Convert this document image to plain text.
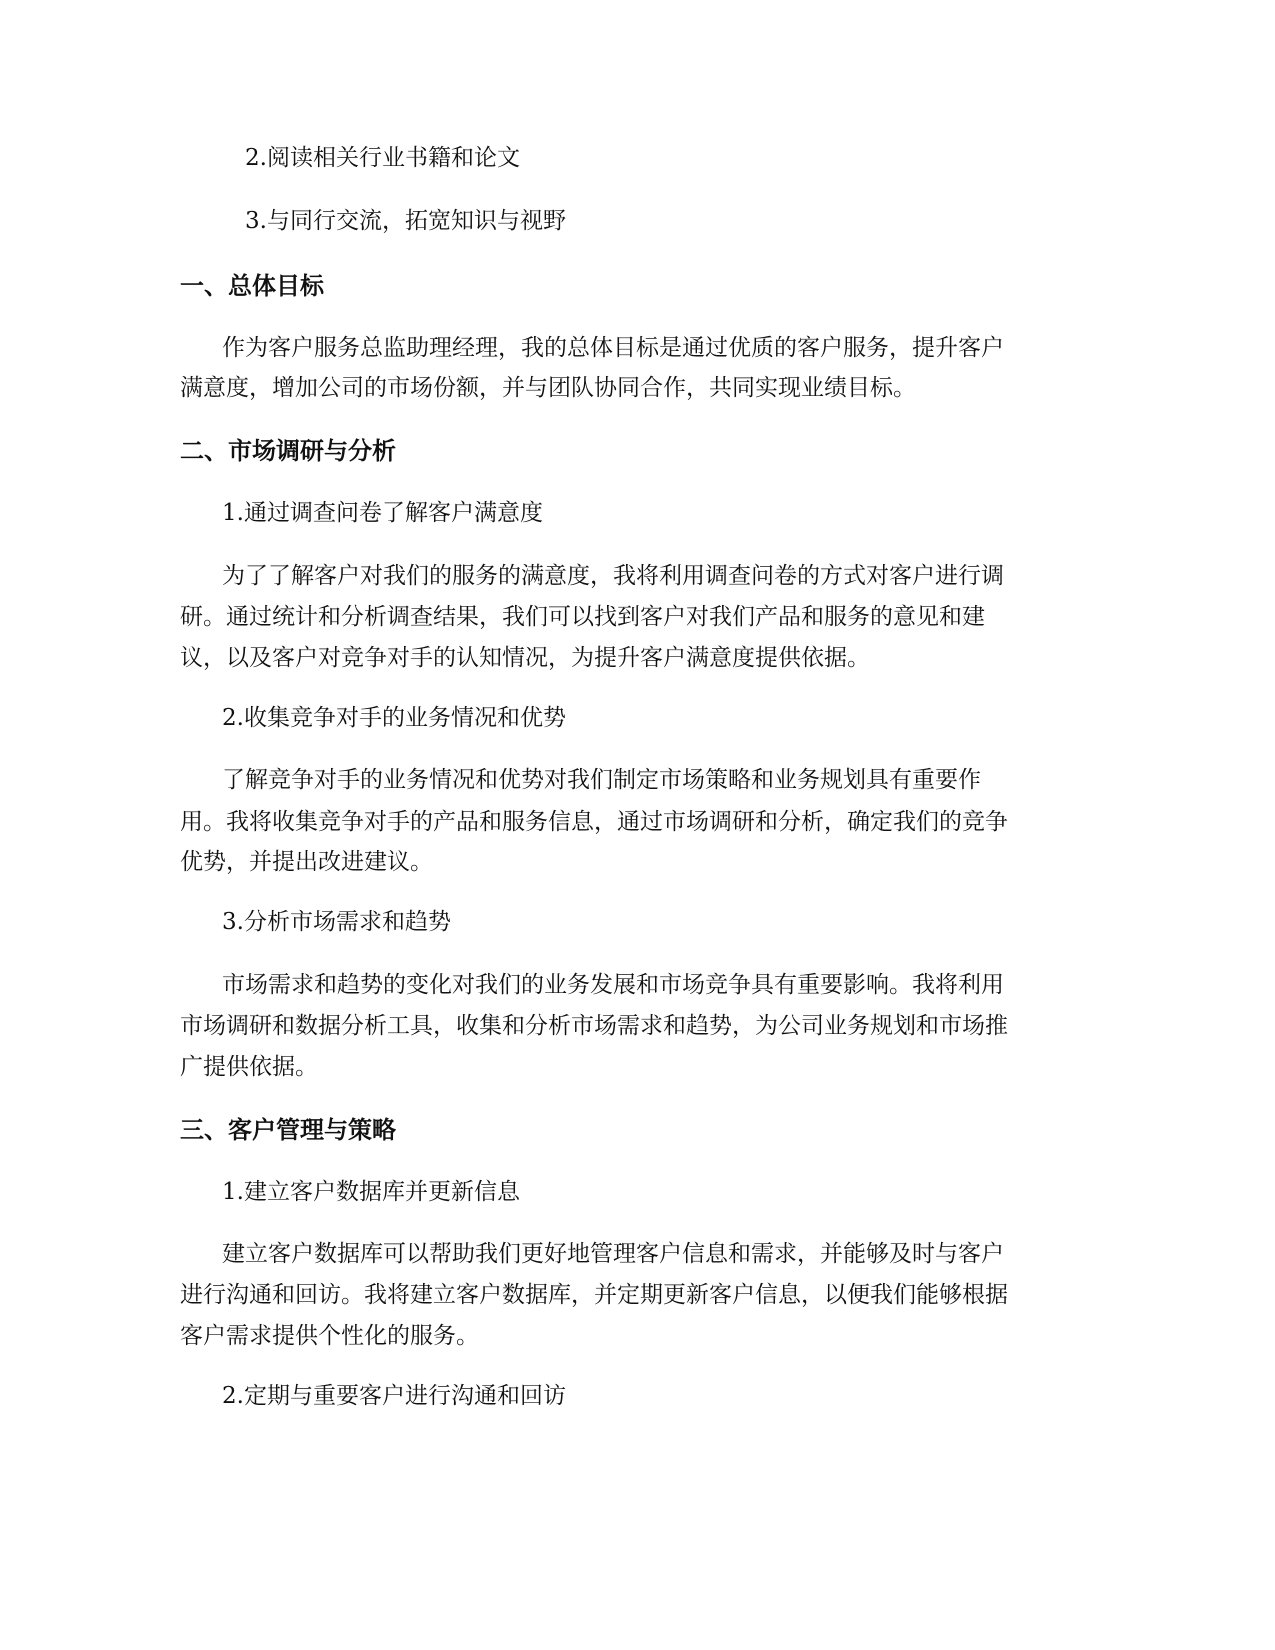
2.阅读相关行业书籍和论文
3.与同行交流，拓宽知识与视野
一、总体目标
作为客户服务总监助理经理，我的总体目标是通过优质的客户服务，提升客户
满意度，增加公司的市场份额，并与团队协同合作，共同实现业绩目标。
二、市场调研与分析
1.通过调查问卷了解客户满意度
为了了解客户对我们的服务的满意度，我将利用调查问卷的方式对客户进行调
研。通过统计和分析调查结果，我们可以找到客户对我们产品和服务的意见和建
议，以及客户对竞争对手的认知情况，为提升客户满意度提供依据。
2.收集竞争对手的业务情况和优势
了解竞争对手的业务情况和优势对我们制定市场策略和业务规划具有重要作
用。我将收集竞争对手的产品和服务信息，通过市场调研和分析，确定我们的竞争
优势，并提出改进建议。
3.分析市场需求和趋势
市场需求和趋势的变化对我们的业务发展和市场竞争具有重要影响。我将利用
市场调研和数据分析工具，收集和分析市场需求和趋势，为公司业务规划和市场推
广提供依据。
三、客户管理与策略
1.建立客户数据库并更新信息
建立客户数据库可以帮助我们更好地管理客户信息和需求，并能够及时与客户
进行沟通和回访。我将建立客户数据库，并定期更新客户信息，以便我们能够根据
客户需求提供个性化的服务。
2.定期与重要客户进行沟通和回访
